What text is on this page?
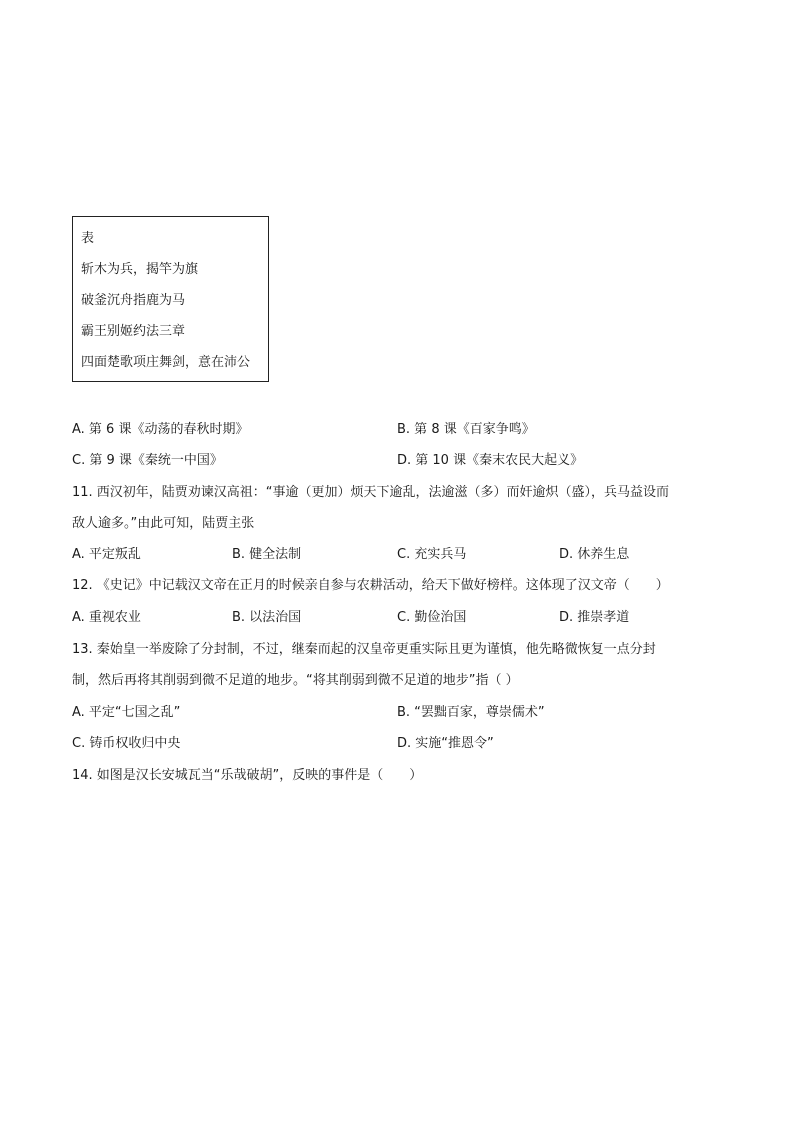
表
斩木为兵，揭竿为旗
破釜沉舟指鹿为马
霸王别姬约法三章
四面楚歌项庄舞剑，意在沛公
A. 第 6 课《动荡的春秋时期》	B. 第 8 课《百家争鸣》
C. 第 9 课《秦统一中国》	D. 第 10 课《秦末农民大起义》
11. 西汉初年，陆贾劝谏汉高祖：“事逾（更加）烦天下逾乱，法逾滋（多）而奸逾炽（盛），兵马益设而
敌人逾多。”由此可知，陆贾主张
A. 平定叛乱	B. 健全法制	C. 充实兵马	D. 休养生息
12. 《史记》中记载汉文帝在正月的时候亲自参与农耕活动，给天下做好榜样。这体现了汉文帝（　　）
A. 重视农业	B. 以法治国	C. 勤俭治国	D. 推崇孝道
13. 秦始皇一举废除了分封制，不过，继秦而起的汉皇帝更重实际且更为谨慎，他先略微恢复一点分封
制，然后再将其削弱到微不足道的地步。“将其削弱到微不足道的地步”指（ ）
A. 平定“七国之乱”	B. “罢黜百家，尊崇儒术”
C. 铸币权收归中央	D. 实施“推恩令”
14. 如图是汉长安城瓦当“乐哉破胡”，反映的事件是（　　）
